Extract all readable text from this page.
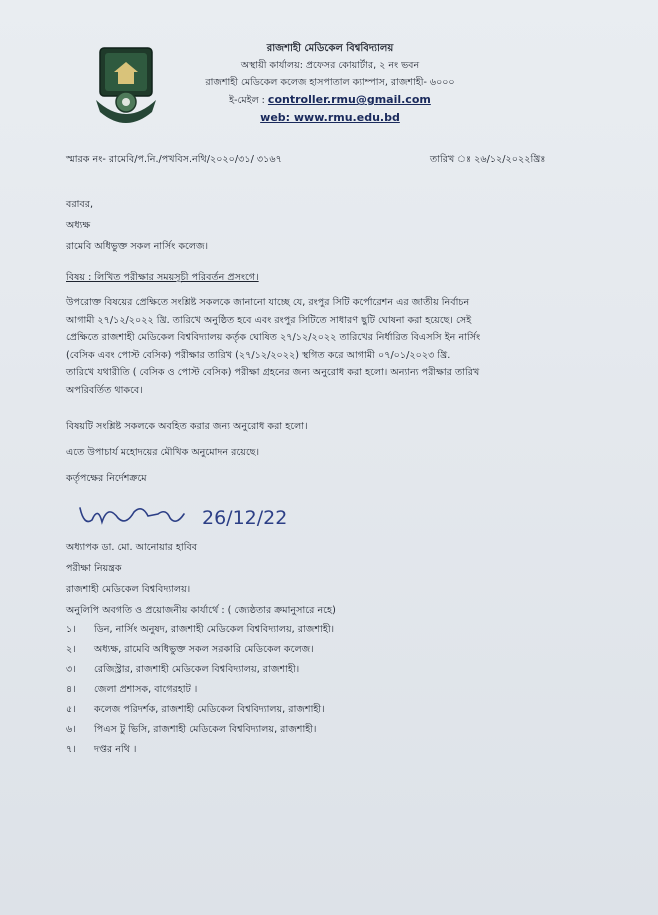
রাজশাহী মেডিকেল বিশ্ববিদ্যালয়
অস্থায়ী কার্যালয়: প্রফেসর কোয়ার্টার, ২ নং ভবন
রাজশাহী মেডিকেল কলেজ হাসপাতাল ক্যাম্পাস, রাজশাহী- ৬০০০
ই-মেইল : controller.rmu@gmail.com
web: www.rmu.edu.bd
স্মারক নং- রামেবি/প.নি./পখবিস.নথি/২০২০/৩১/ ৩১৬৭	তারিখ ঃ ২৬/১২/২০২২খ্রিঃ
বরাবর,
অধ্যক্ষ
রামেবি অধিভুক্ত সকল নার্সিং কলেজ।
বিষয় : লিখিত পরীক্ষার সময়সূচী পরিবর্তন প্রসংগে।
উপরোক্ত বিষয়ের প্রেক্ষিতে সংশ্লিষ্ট সকলকে জানানো যাচ্ছে যে, রংপুর সিটি কর্পোরেশন এর জাতীয় নির্বাচন
আগামী ২৭/১২/২০২২ খ্রি. তারিখে অনুষ্ঠিত হবে এবং রংপুর সিটিতে সাধারণ ছুটি ঘোষনা করা হয়েছে। সেই
প্রেক্ষিতে রাজশাহী মেডিকেল বিশ্ববিদ্যালয় কর্তৃক ঘোষিত ২৭/১২/২০২২ তারিখের নির্ধারিত বিএসসি ইন নার্সিং
(বেসিক এবং পোস্ট বেসিক) পরীক্ষার তারিখ (২৭/১২/২০২২) স্থগিত করে আগামী ০৭/০১/২০২৩ খ্রি.
তারিখে যথারীতি ( বেসিক ও পোস্ট বেসিক) পরীক্ষা গ্রহনের জন্য অনুরোধ করা হলো। অন্যান্য পরীক্ষার তারিখ
অপরিবর্তিত থাকবে।
বিষয়টি সংশ্লিষ্ট সকলকে অবহিত করার জন্য অনুরোধ করা হলো।
এতে উপাচার্য মহোদয়ের মৌখিক অনুমোদন রয়েছে।
কর্তৃপক্ষের নির্দেশক্রমে
26/12/22
অধ্যাপক ডা. মো. আনোয়ার হাবিব
পরীক্ষা নিয়ন্ত্রক
রাজশাহী মেডিকেল বিশ্ববিদ্যালয়।
অনুলিপি অবগতি ও প্রয়োজনীয় কার্যার্থে : ( জ্যেষ্ঠতার ক্রমানুসারে নহে)
১।	ডিন, নার্সিং অনুষদ, রাজশাহী মেডিকেল বিশ্ববিদ্যালয়, রাজশাহী।
২।	অধ্যক্ষ, রামেবি অধিভুক্ত সকল সরকারি মেডিকেল কলেজ।
৩।	রেজিস্ট্রার, রাজশাহী মেডিকেল বিশ্ববিদ্যালয়, রাজশাহী।
৪।	জেলা প্রশাসক, বাগেরহাট ।
৫।	কলেজ পরিদর্শক, রাজশাহী মেডিকেল বিশ্ববিদ্যালয়, রাজশাহী।
৬।	পিএস টু ভিসি, রাজশাহী মেডিকেল বিশ্ববিদ্যালয়, রাজশাহী।
৭।	দপ্তর নথি ।
